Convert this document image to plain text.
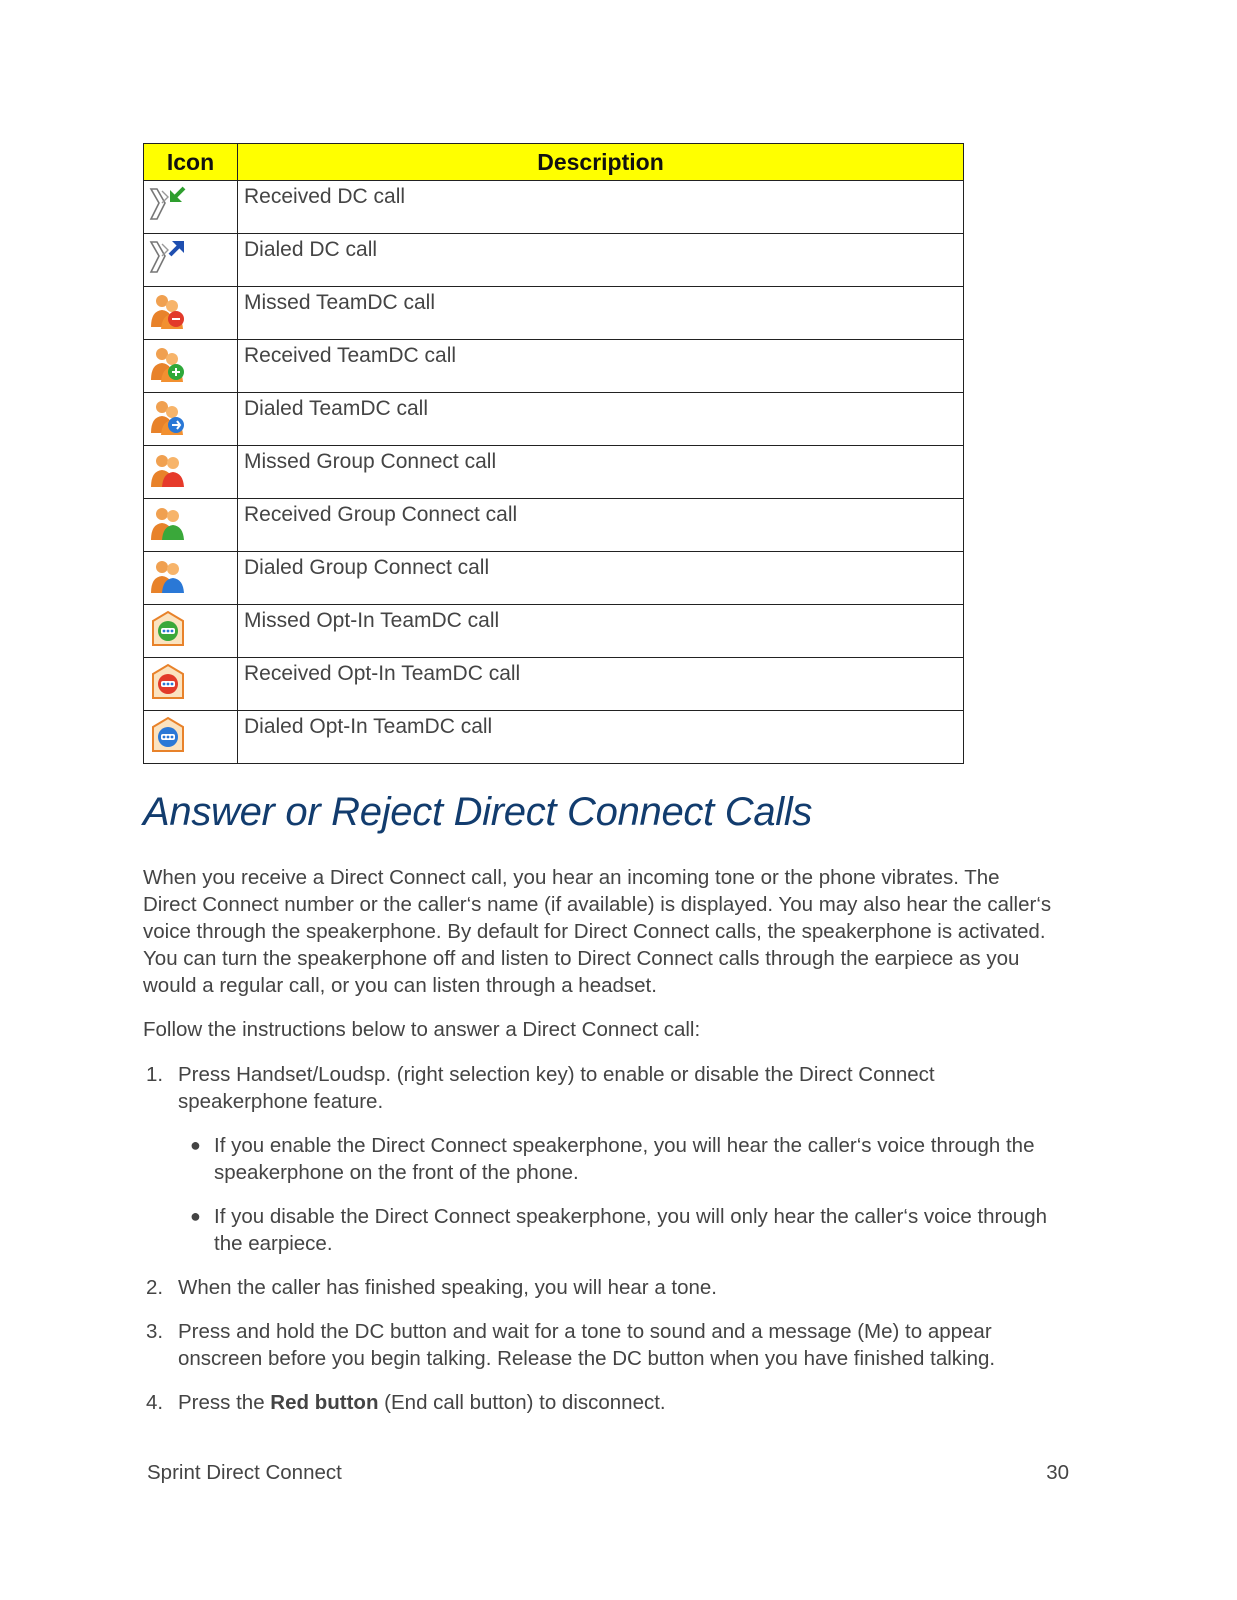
Icon	Description

	Received DC call

	Dialed DC call

	Missed TeamDC call

	Received TeamDC call

	Dialed TeamDC call

	Missed Group Connect call

	Received Group Connect call

	Dialed Group Connect call

	Missed Opt-In TeamDC call

	Received Opt-In TeamDC call

	Dialed Opt-In TeamDC call
Answer or Reject Direct Connect Calls

When you receive a Direct Connect call, you hear an incoming tone or the phone vibrates. The
Direct Connect number or the caller‘s name (if available) is displayed. You may also hear the caller‘s
voice through the speakerphone. By default for Direct Connect calls, the speakerphone is activated.
You can turn the speakerphone off and listen to Direct Connect calls through the earpiece as you
would a regular call, or you can listen through a headset.

Follow the instructions below to answer a Direct Connect call:

1. Press Handset/Loudsp. (right selection key) to enable or disable the Direct Connect
speakerphone feature.
● If you enable the Direct Connect speakerphone, you will hear the caller‘s voice through the
speakerphone on the front of the phone.
● If you disable the Direct Connect speakerphone, you will only hear the caller‘s voice through
the earpiece.
2. When the caller has finished speaking, you will hear a tone.
3. Press and hold the DC button and wait for a tone to sound and a message (Me) to appear
onscreen before you begin talking. Release the DC button when you have finished talking.
4. Press the Red button (End call button) to disconnect.
Sprint Direct Connect	30
